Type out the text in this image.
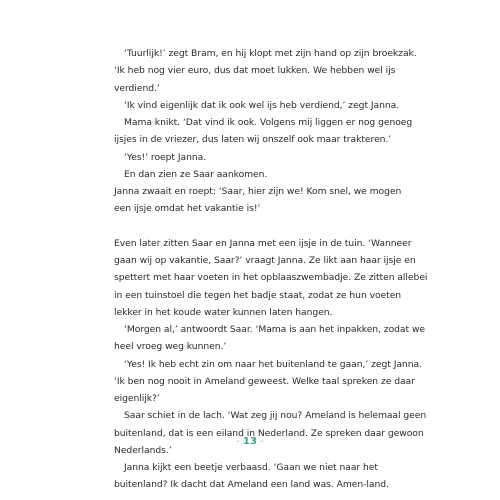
‘Tuurlijk!’ zegt Bram, en hij klopt met zijn hand op zijn broekzak.
‘Ik heb nog vier euro, dus dat moet lukken. We hebben wel ijs
verdiend.’
‘Ik vind eigenlijk dat ik ook wel ijs heb verdiend,’ zegt Janna.
Mama knikt. ‘Dat vind ik ook. Volgens mij liggen er nog genoeg
ijsjes in de vriezer, dus laten wij onszelf ook maar trakteren.’
‘Yes!’ roept Janna.
En dan zien ze Saar aankomen.
Janna zwaait en roept: ‘Saar, hier zijn we! Kom snel, we mogen
een ijsje omdat het vakantie is!’
Even later zitten Saar en Janna met een ijsje in de tuin. ‘Wanneer
gaan wij op vakantie, Saar?’ vraagt Janna. Ze likt aan haar ijsje en
spettert met haar voeten in het opblaaszwembadje. Ze zitten allebei
in een tuinstoel die tegen het badje staat, zodat ze hun voeten
lekker in het koude water kunnen laten hangen.
‘Morgen al,’ antwoordt Saar. ‘Mama is aan het inpakken, zodat we
heel vroeg weg kunnen.’
‘Yes! Ik heb echt zin om naar het buitenland te gaan,’ zegt Janna.
‘Ik ben nog nooit in Ameland geweest. Welke taal spreken ze daar
eigenlijk?’
Saar schiet in de lach. ‘Wat zeg jij nou? Ameland is helemaal geen
buitenland, dat is een eiland in Nederland. Ze spreken daar gewoon
Nederlands.’
Janna kijkt een beetje verbaasd. ‘Gaan we niet naar het
buitenland? Ik dacht dat Ameland een land was. Amen-land.
- 13 -
